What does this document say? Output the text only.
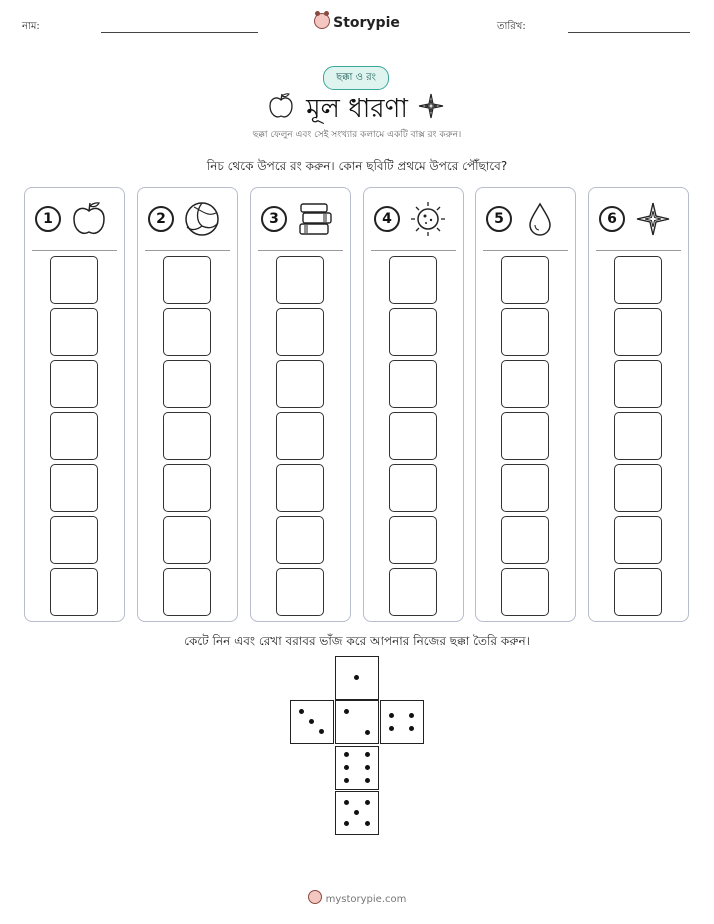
নাম:	Storypie	তারিখ:
ছক্কা ও রং
মূল ধারণা
ছক্কা ফেলুন এবং সেই সংখ্যার কলামে একটি বাক্স রং করুন।
নিচ থেকে উপরে রং করুন। কোন ছবিটি প্রথমে উপরে পৌঁছাবে?
1	2	3	4	5	6
কেটে নিন এবং রেখা বরাবর ভাঁজ করে আপনার নিজের ছক্কা তৈরি করুন।
mystorypie.com
